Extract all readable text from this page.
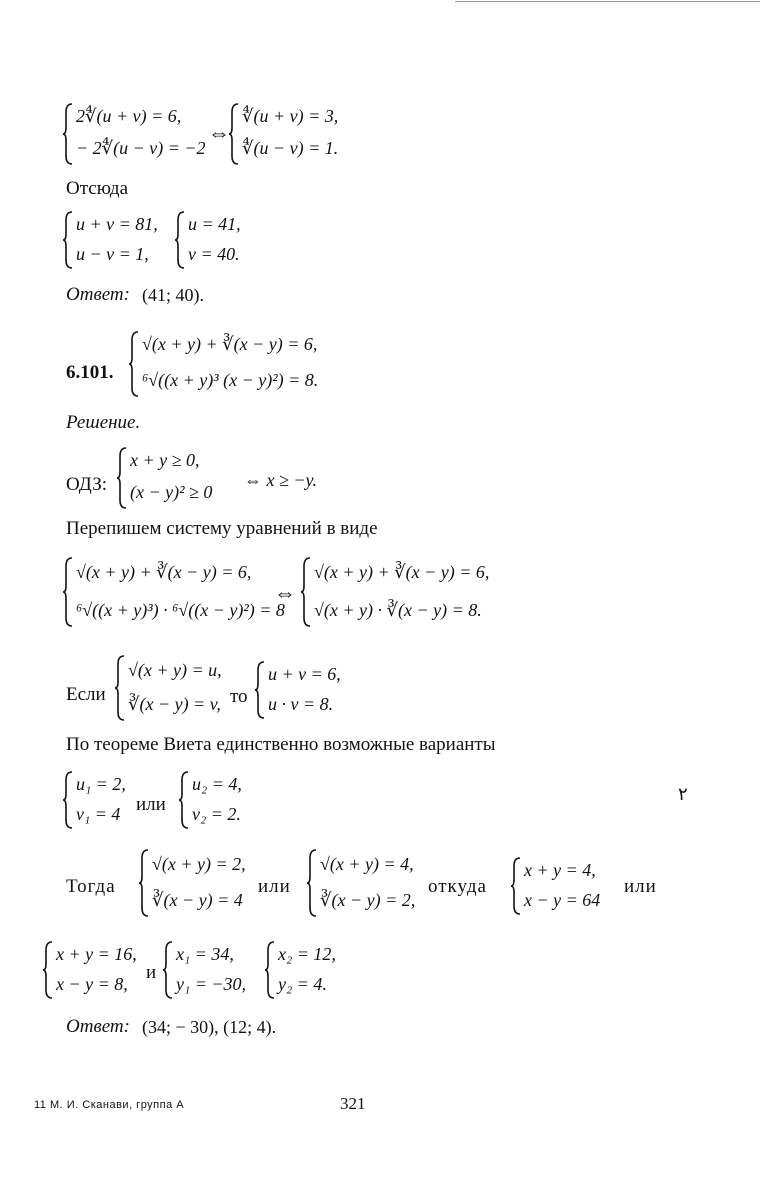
2∜(u + v) = 6,
− 2∜(u − v) = −2
⇔
∜(u + v) = 3,
∜(u − v) = 1.
Отсюда
u + v = 81,
u − v = 1,
u = 41,
v = 40.
Ответ: (41; 40).
6.101.
√(x + y) + ∛(x − y) = 6,
⁶√((x + y)³ (x − y)²) = 8.
Решение.
ОДЗ:
x + y ≥ 0,
(x − y)² ≥ 0
⇔ x ≥ −y.
Перепишем систему уравнений в виде
√(x + y) + ∛(x − y) = 6,
⁶√((x + y)³) · ⁶√((x − y)²) = 8
⇔
√(x + y) + ∛(x − y) = 6,
√(x + y) · ∛(x − y) = 8.
Если
√(x + y) = u,
∛(x − y) = v, то
u + v = 6,
u · v = 8.
По теореме Виета единственно возможные варианты
u₁ = 2,
v₁ = 4 или
u₂ = 4,
v₂ = 2.
٢
Тогда
√(x + y) = 2,
∛(x − y) = 4
или
√(x + y) = 4,
∛(x − y) = 2,
откуда
x + y = 4,
x − y = 64
или
x + y = 16,
x − y = 8,
и
x₁ = 34,
y₁ = −30,
x₂ = 12,
y₂ = 4.
Ответ: (34; − 30), (12; 4).
11 М. И. Сканави, группа А	321
